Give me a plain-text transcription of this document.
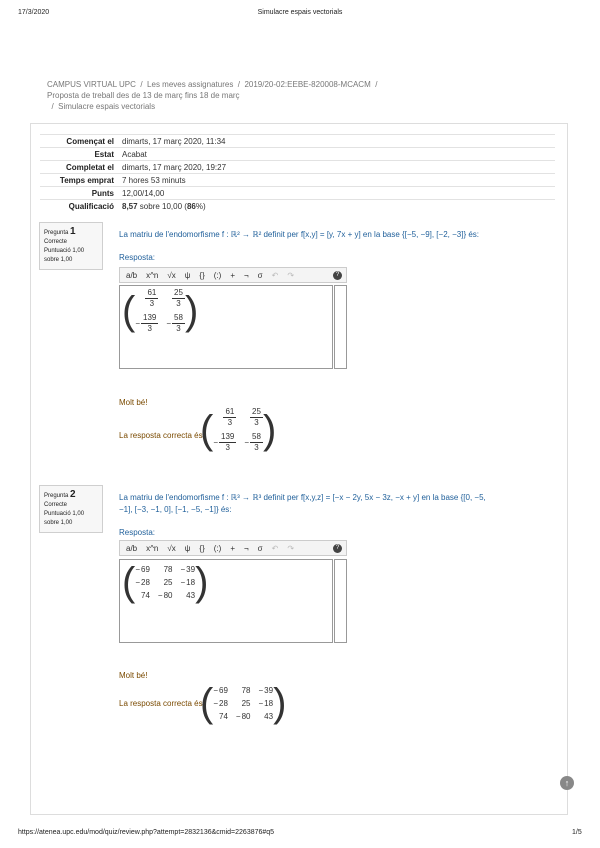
17/3/2020	Simulacre espais vectorials
CAMPUS VIRTUAL UPC / Les meves assignatures / 2019/20-02:EEBE-820008-MCACM /  Proposta de treball des de 13 de març fins 18 de març
/ Simulacre espais vectorials
Començat el	dimarts, 17 març 2020, 11:34
Estat	Acabat
Completat el	dimarts, 17 març 2020, 19:27
Temps emprat	7 hores 53 minuts
Punts	12,00/14,00
Qualificació	8,57 sobre 10,00 (86%)
Pregunta 1
Correcte
Puntuació 1,00 sobre 1,00
La matriu de l'endomorfisme f : ℝ² → ℝ² definit per f[x,y] = [y, 7x + y] en la base {[−5, −9], [−2, −3]} és:
Resposta:
a/b x^n √x ψ {} (:) + ¬ σ ↶ ↷	?
( $\frac{61}{3} \frac{25}{3}$
− $\frac{139}{3} - \frac{58}{3}$ )
Molt bé!
La resposta correcta és:
( $\frac{61}{3} \frac{25}{3}$
− $\frac{139}{3} - \frac{58}{3}$ )
Pregunta 2
Correcte
Puntuació 1,00 sobre 1,00
La matriu de l'endomorfisme f : ℝ³ → ℝ³ definit per f[x,y,z] = [−x − 2y, 5x − 3z, −x + y] en la base {[0, −5, −1], [−3, −1, 0], [−1, −5, −1]} és:
Resposta:
a/b x^n √x ψ {} (:) + ¬ σ ↶ ↷	?
( − 69 78 − 39
− 28 25 − 18
74 − 80 43 )
Molt bé!
La resposta correcta és:
( − 69 78 − 39
− 28 25 − 18
74 − 80 43 )
↑
https://atenea.upc.edu/mod/quiz/review.php?attempt=2832136&cmid=2263876#q5	1/5
